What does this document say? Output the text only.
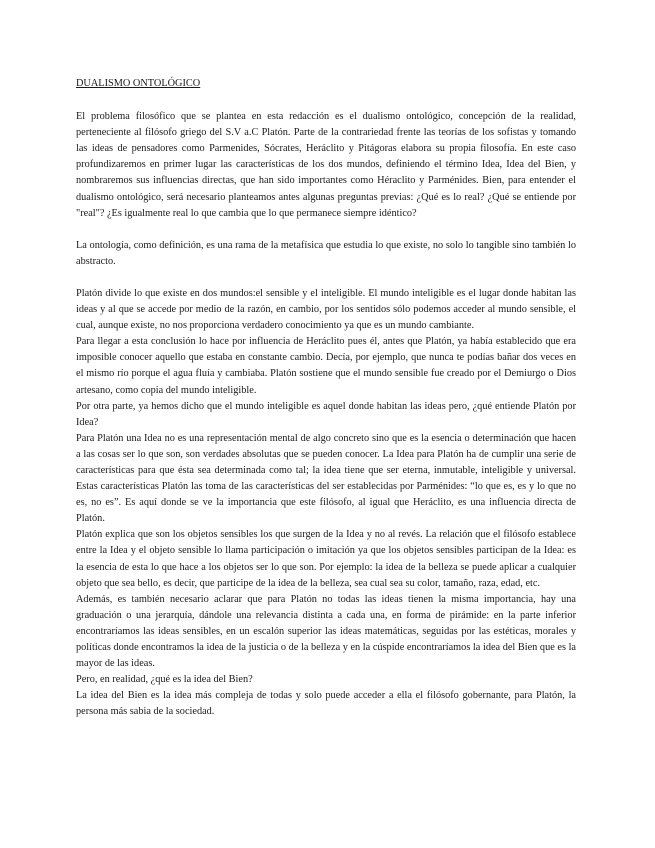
DUALISMO ONTOLÓGICO

El problema filosófico que se plantea en esta redacción es el dualismo ontológico, concepción de la realidad, perteneciente al filósofo griego del S.V a.C Platón. Parte de la contrariedad frente las teorías de los sofistas y tomando las ideas de pensadores como Parmenides, Sócrates, Heráclito y Pitágoras elabora su propia filosofía. En este caso profundizaremos en primer lugar las características de los dos mundos, definiendo el término Idea, Idea del Bien, y nombraremos sus influencias directas, que han sido importantes como Héraclito y Parménides. Bien, para entender el dualismo ontológico, será necesario planteamos antes algunas preguntas previas: ¿Qué es lo real? ¿Qué se entiende por "real"? ¿Es igualmente real lo que cambia que lo que permanece siempre idéntico?

La ontología, como definición, es una rama de la metafísica que estudia lo que existe, no solo lo tangible sino también lo abstracto.

Platón divide lo que existe en dos mundos:el sensible y el inteligible. El mundo inteligible es el lugar donde habitan las ideas y al que se accede por medio de la razón, en cambio, por los sentidos sólo podemos acceder al mundo sensible, el cual, aunque existe, no nos proporciona verdadero conocimiento ya que es un mundo cambiante.

Para llegar a esta conclusión lo hace por influencia de Heráclito pues él, antes que Platón, ya había establecido que era imposible conocer aquello que estaba en constante cambio. Decía, por ejemplo, que nunca te podías bañar dos veces en el mismo río porque el agua fluía y cambiaba. Platón sostiene que el mundo sensible fue creado por el Demiurgo o Dios artesano, como copia del mundo inteligible.

Por otra parte, ya hemos dicho que el mundo inteligible es aquel donde habitan las ideas pero, ¿qué entiende Platón por Idea?

Para Platón una Idea no es una representación mental de algo concreto sino que es la esencia o determinación que hacen a las cosas ser lo que son, son verdades absolutas que se pueden conocer. La Idea para Platón ha de cumplir una serie de características para que ésta sea determinada como tal; la idea tiene que ser eterna, inmutable, inteligible y universal. Estas características Platón las toma de las características del ser establecidas por Parménides: “lo que es, es y lo que no es, no es”. Es aquí donde se ve la importancia que este filósofo, al igual que Heráclito, es una influencia directa de Platón.

Platón explica que son los objetos sensibles los que surgen de la Idea y no al revés. La relación que el filósofo establece entre la Idea y el objeto sensible lo llama participación o imitación ya que los objetos sensibles participan de la Idea: es la esencia de esta lo que hace a los objetos ser lo que son. Por ejemplo: la idea de la belleza se puede aplicar a cualquier objeto que sea bello, es decir, que participe de la idea de la belleza, sea cual sea su color, tamaño, raza, edad, etc.

Además, es también necesario aclarar que para Platón no todas las ideas tienen la misma importancia, hay una graduación o una jerarquía, dándole una relevancia distinta a cada una, en forma de pirámide: en la parte inferior encontraríamos las ideas sensibles, en un escalón superior las ideas matemáticas, seguidas por las estéticas, morales y políticas donde encontramos la idea de la justicia o de la belleza y en la cúspide encontraríamos la idea del Bien que es la mayor de las ideas.

Pero, en realidad, ¿qué es la idea del Bien?

La idea del Bien es la idea más compleja de todas y solo puede acceder a ella el filósofo gobernante, para Platón, la persona más sabia de la sociedad.
